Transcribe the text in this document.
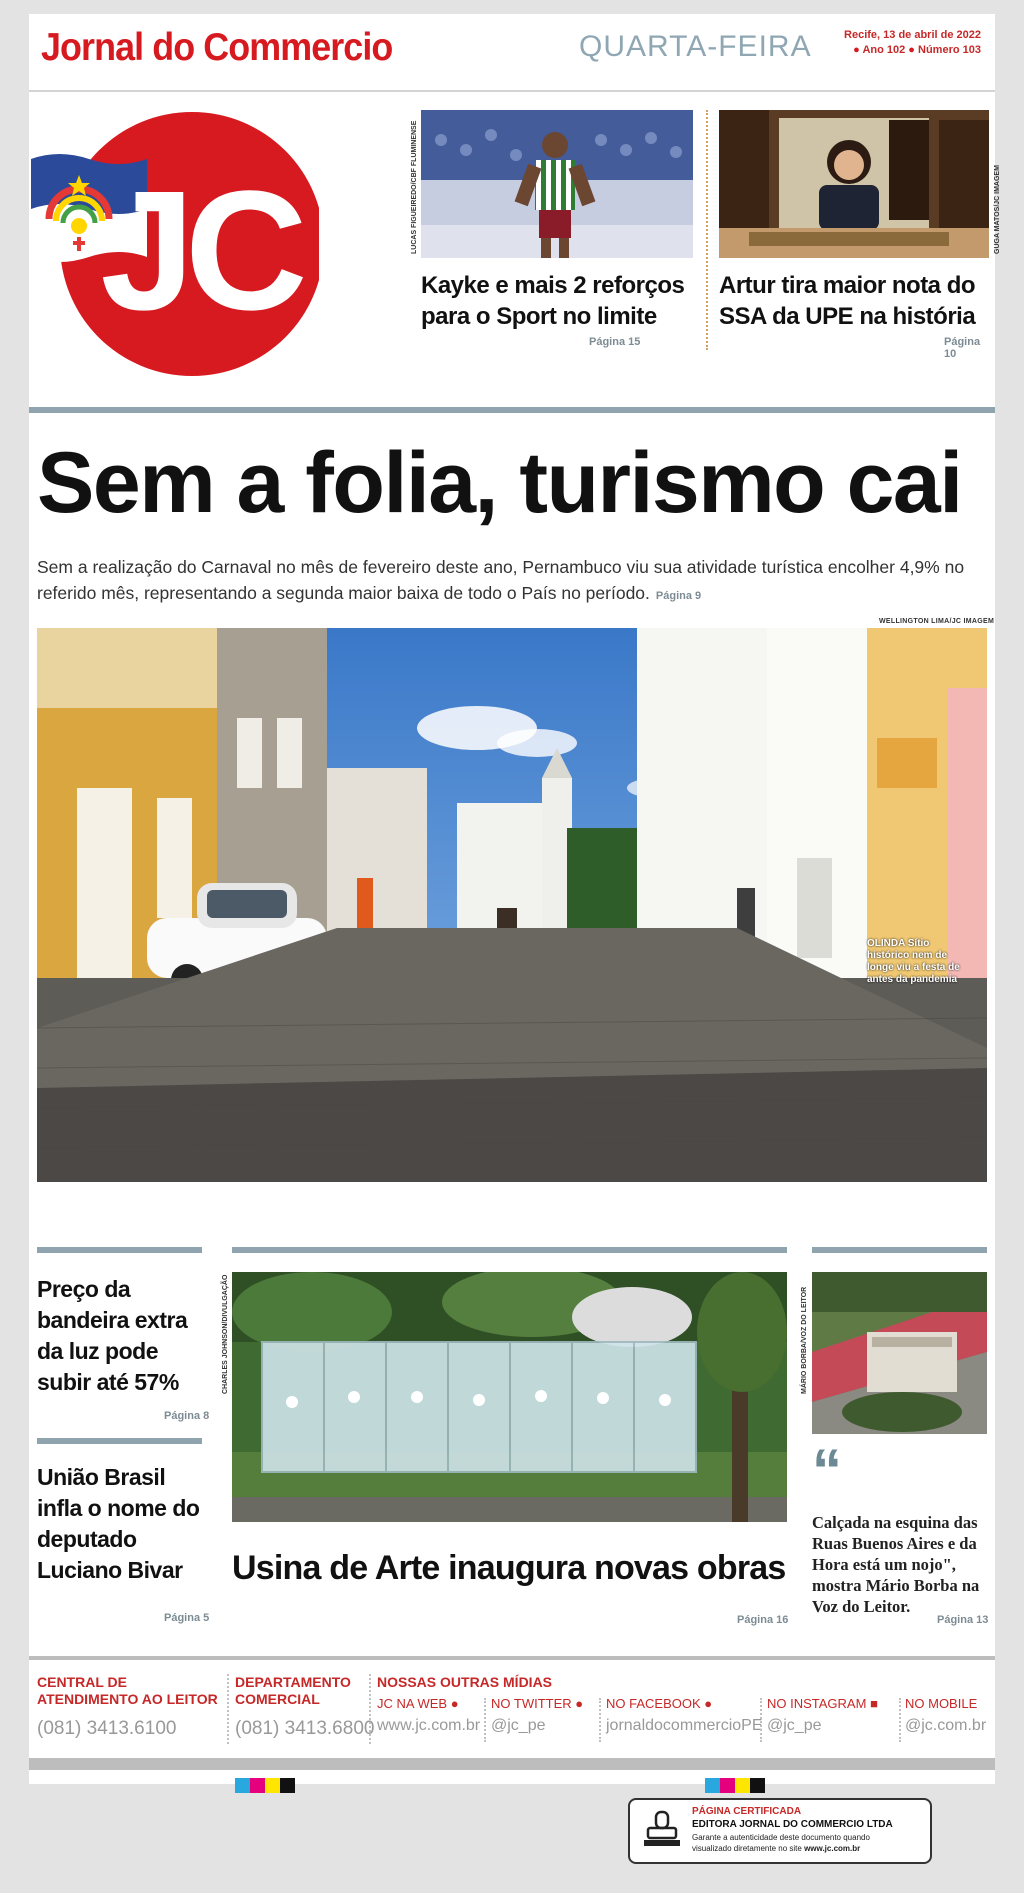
Jornal do Commercio	QUARTA-FEIRA	Recife, 13 de abril de 2022
● Ano 102 ● Número 103
JC	LUCAS FIGUEIREDO/CBF FLUMINENSE
Kayke e mais 2 reforços para o Sport no limite
Página 15
GUGA MATOS/JC IMAGEM
Artur tira maior nota do SSA da UPE na história
Página 10
Sem a folia, turismo cai
Sem a realização do Carnaval no mês de fevereiro deste ano, Pernambuco viu sua atividade turística encolher 4,9% no referido mês, representando a segunda maior baixa de todo o País no período. Página 9
WELLINGTON LIMA/JC IMAGEM
OLINDA Sítio histórico nem de longe viu a festa de antes da pandemia
Preço da bandeira extra da luz pode subir até 57%
Página 8
União Brasil infla o nome do deputado Luciano Bivar
Página 5
CHARLES JOHNSON/DIVULGAÇÃO
Usina de Arte inaugura novas obras
Página 16
MÁRIO BORBA/VOZ DO LEITOR
“
Calçada na esquina das Ruas Buenos Aires e da Hora está um nojo", mostra Mário Borba na Voz do Leitor.
Página 13
CENTRAL DE ATENDIMENTO AO LEITOR
(081) 3413.6100
DEPARTAMENTO COMERCIAL
(081) 3413.6800
NOSSAS OUTRAS MÍDIAS
JC NA WEB ●
www.jc.com.br
NO TWITTER ●
@jc_pe
NO FACEBOOK ●
jornaldocommercioPE
NO INSTAGRAM ■
@jc_pe
NO MOBILE
@jc.com.br
PÁGINA CERTIFICADA
EDITORA JORNAL DO COMMERCIO LTDA
Garante a autenticidade deste documento quando
visualizado diretamente no site www.jc.com.br
